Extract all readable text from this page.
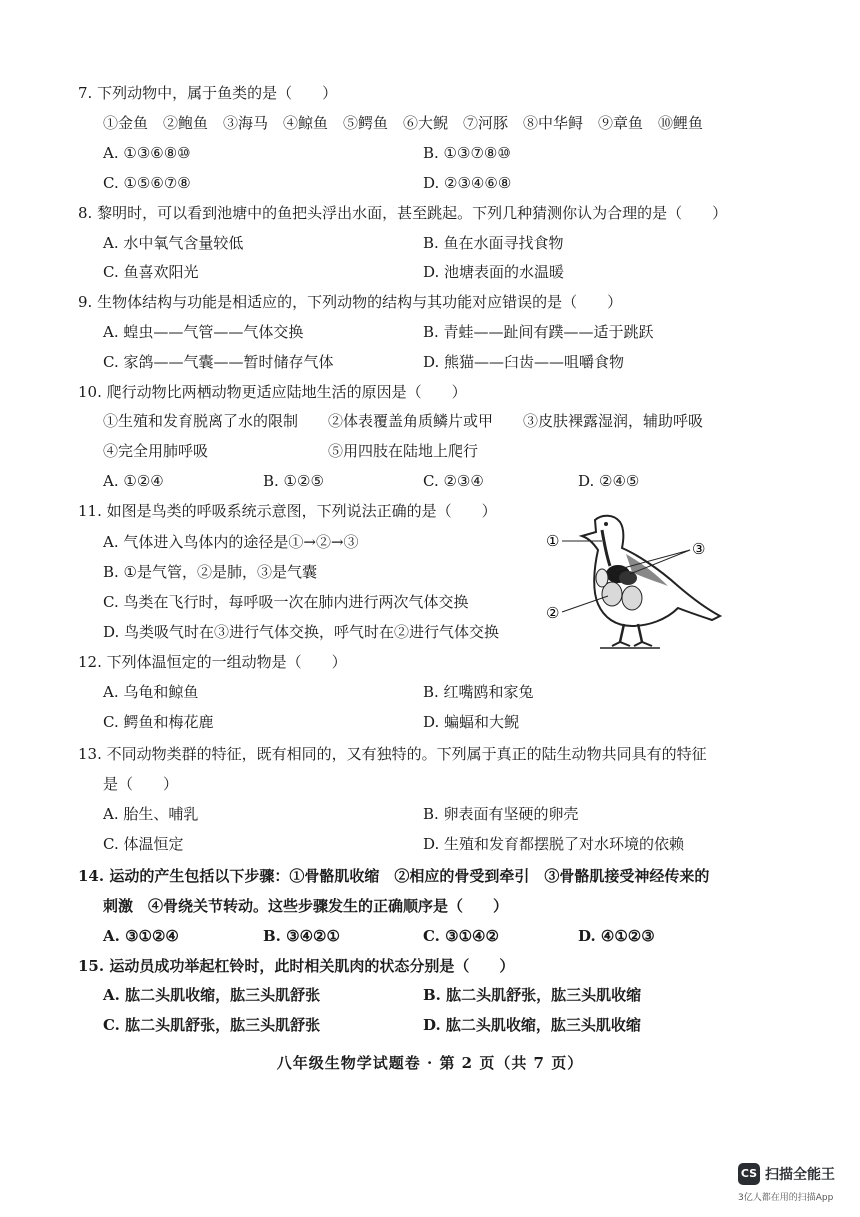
7. 下列动物中，属于鱼类的是（　　）
①金鱼　②鲍鱼　③海马　④鲸鱼　⑤鳄鱼　⑥大鲵　⑦河豚　⑧中华鲟　⑨章鱼　⑩鲤鱼
A. ①③⑥⑧⑩	B. ①③⑦⑧⑩
C. ①⑤⑥⑦⑧	D. ②③④⑥⑧
8. 黎明时，可以看到池塘中的鱼把头浮出水面，甚至跳起。下列几种猜测你认为合理的是（　　）
A. 水中氧气含量较低	B. 鱼在水面寻找食物
C. 鱼喜欢阳光	D. 池塘表面的水温暖
9. 生物体结构与功能是相适应的，下列动物的结构与其功能对应错误的是（　　）
A. 蝗虫——气管——气体交换	B. 青蛙——趾间有蹼——适于跳跃
C. 家鸽——气囊——暂时储存气体	D. 熊猫——臼齿——咀嚼食物
10. 爬行动物比两栖动物更适应陆地生活的原因是（　　）
①生殖和发育脱离了水的限制　　②体表覆盖角质鳞片或甲　　③皮肤裸露湿润，辅助呼吸
④完全用肺呼吸　　　　　　　　⑤用四肢在陆地上爬行
A. ①②④	B. ①②⑤	C. ②③④	D. ②④⑤
11. 如图是鸟类的呼吸系统示意图，下列说法正确的是（　　）
A. 气体进入鸟体内的途径是①→②→③
B. ①是气管，②是肺，③是气囊
C. 鸟类在飞行时，每呼吸一次在肺内进行两次气体交换
D. 鸟类吸气时在③进行气体交换，呼气时在②进行气体交换
①
②
③
12. 下列体温恒定的一组动物是（　　）
A. 乌龟和鲸鱼	B. 红嘴鸥和家兔
C. 鳄鱼和梅花鹿	D. 蝙蝠和大鲵
13. 不同动物类群的特征，既有相同的，又有独特的。下列属于真正的陆生动物共同具有的特征
是（　　）
A. 胎生、哺乳	B. 卵表面有坚硬的卵壳
C. 体温恒定	D. 生殖和发育都摆脱了对水环境的依赖
14. 运动的产生包括以下步骤：①骨骼肌收缩　②相应的骨受到牵引　③骨骼肌接受神经传来的
刺激　④骨绕关节转动。这些步骤发生的正确顺序是（　　）
A. ③①②④	B. ③④②①	C. ③①④②	D. ④①②③
15. 运动员成功举起杠铃时，此时相关肌肉的状态分别是（　　）
A. 肱二头肌收缩，肱三头肌舒张	B. 肱二头肌舒张，肱三头肌收缩
C. 肱二头肌舒张，肱三头肌舒张	D. 肱二头肌收缩，肱三头肌收缩
八年级生物学试题卷 · 第 2 页（共 7 页）
CS 扫描全能王
3亿人都在用的扫描App
